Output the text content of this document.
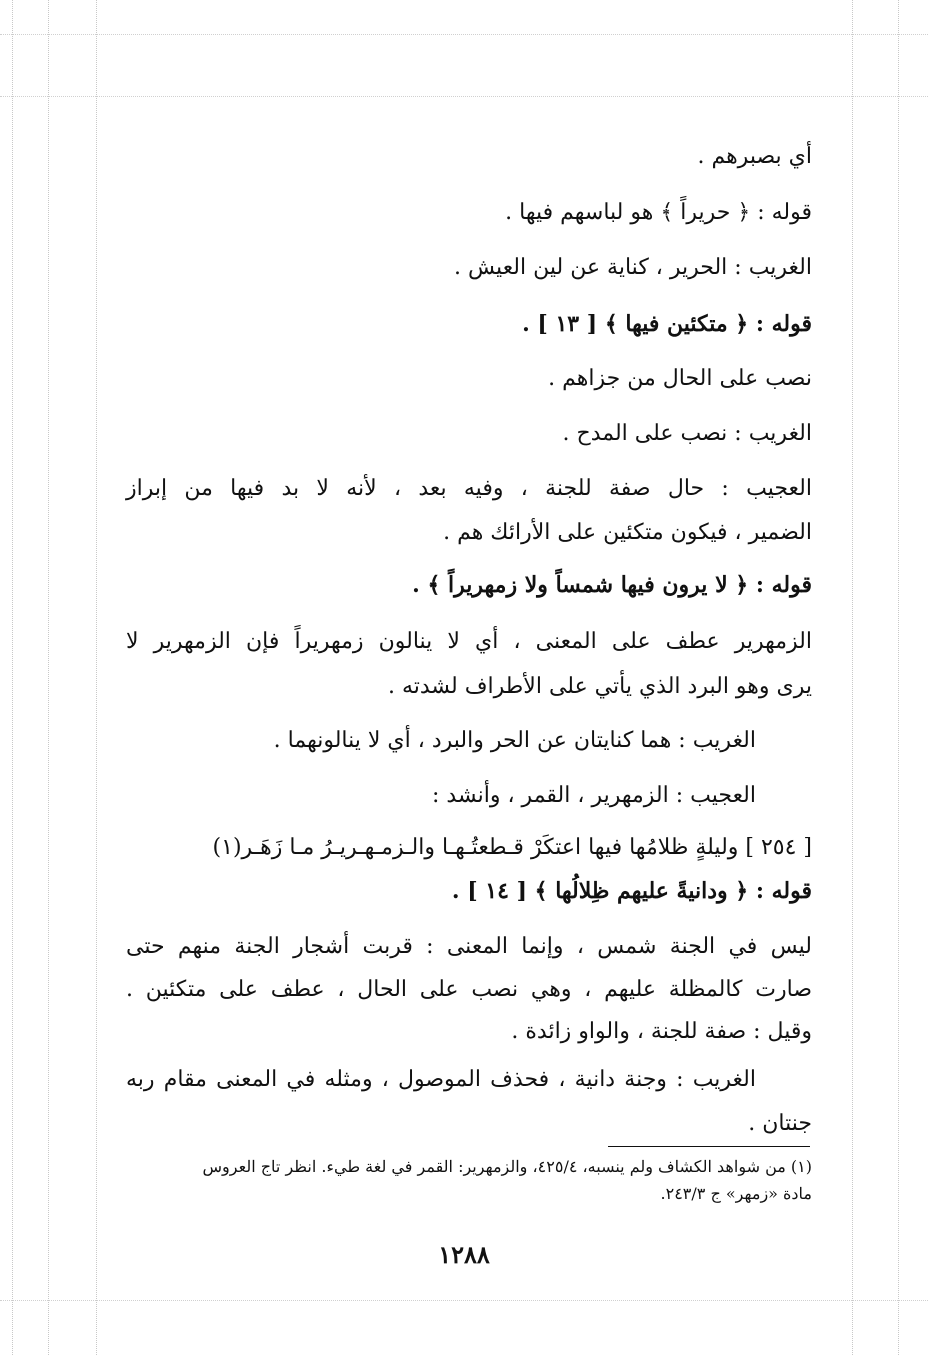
أي بصبرهم .
قوله : ﴿ حريراً ﴾ هو لباسهم فيها .
الغريب : الحرير ، كناية عن لين العيش .
قوله : ﴿ متكئين فيها ﴾ [ ١٣ ] .
نصب على الحال من جزاهم .
الغريب : نصب على المدح .
العجيب : حال صفة للجنة ، وفيه بعد ، لأنه لا بد فيها من إبراز
الضمير ، فيكون متكئين على الأرائك هم .
قوله : ﴿ لا يرون فيها شمساً ولا زمهريراً ﴾ .
الزمهرير عطف على المعنى ، أي لا ينالون زمهريراً فإن الزمهرير لا
يرى وهو البرد الذي يأتي على الأطراف لشدته .
الغريب : هما كنايتان عن الحر والبرد ، أي لا ينالونهما .
العجيب : الزمهرير ، القمر ، وأنشد :
[ ٢٥٤ ] وليلةٍ ظلامُها فيها اعتكَرْ قـطعتُـهـا والـزمـهـريـرُ مـا زَهَـر(١)
قوله : ﴿ ودانيةً عليهم ظِلالُها ﴾ [ ١٤ ] .
ليس في الجنة شمس ، وإنما المعنى : قربت أشجار الجنة منهم حتى
صارت كالمظلة عليهم ، وهي نصب على الحال ، عطف على متكئين .
وقيل : صفة للجنة ، والواو زائدة .
الغريب : وجنة دانية ، فحذف الموصول ، ومثله في المعنى مقام ربه
جنتان .
(١) من شواهد الكشاف ولم ينسبه، ٤٢٥/٤، والزمهرير: القمر في لغة طيء. انظر تاج العروس
مادة «زمهر» ج ٢٤٣/٣.
١٢٨٨
